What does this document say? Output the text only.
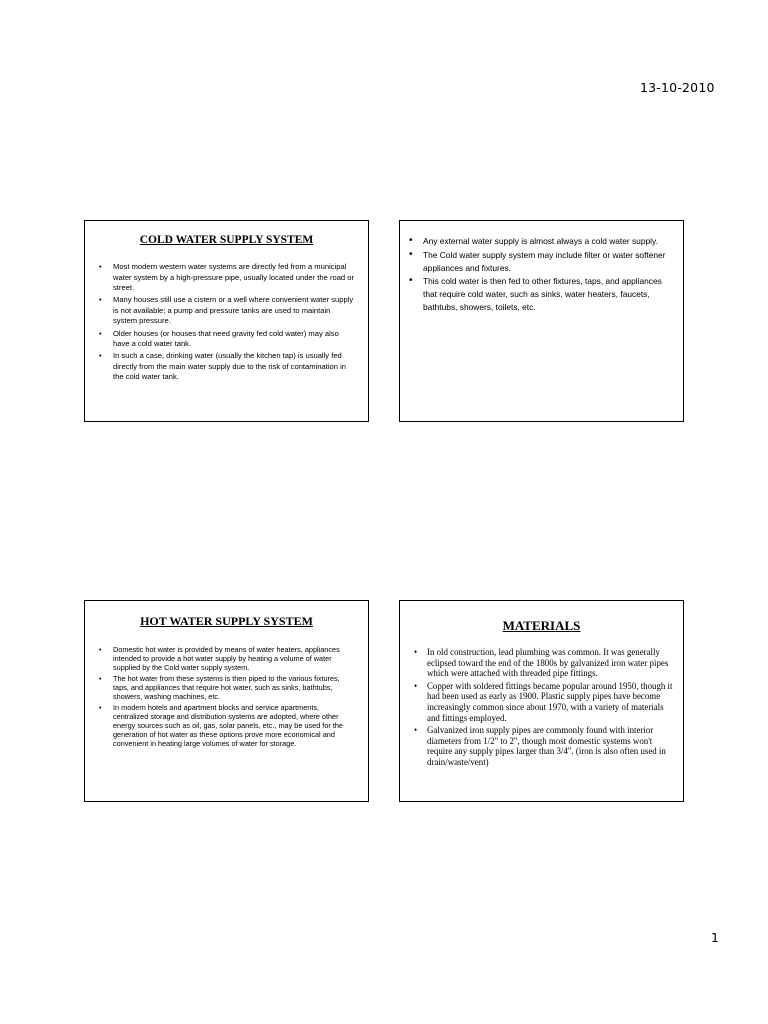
13-10-2010
COLD WATER SUPPLY SYSTEM
• Most modern western water systems are directly fed from a municipal water system by a high-pressure pipe, usually located under the road or street.
• Many houses still use a cistern or a well where convenient water supply is not available; a pump and pressure tanks are used to maintain system pressure.
• Older houses (or houses that need gravity fed cold water) may also have a cold water tank.
• In such a case, drinking water (usually the kitchen tap) is usually fed directly from the main water supply due to the risk of contamination in the cold water tank.
• Any external water supply is almost always a cold water supply.
• The Cold water supply system may include filter or water softener appliances and fixtures.
• This cold water is then fed to other fixtures, taps, and appliances that require cold water, such as sinks, water heaters, faucets, bathtubs, showers, toilets, etc.
HOT WATER SUPPLY SYSTEM
• Domestic hot water is provided by means of water heaters, appliances intended to provide a hot water supply by heating a volume of water supplied by the Cold water supply system.
• The hot water from these systems is then piped to the various fixtures, taps, and appliances that require hot water, such as sinks, bathtubs, showers, washing machines, etc.
• In modern hotels and apartment blocks and service apartments, centralized storage and distribution systems are adopted, where other energy sources such as oil, gas, solar panels, etc., may be used for the generation of hot water as these options prove more economical and convenient in heating large volumes of water for storage.
MATERIALS
• In old construction, lead plumbing was common. It was generally eclipsed toward the end of the 1800s by galvanized iron water pipes which were attached with threaded pipe fittings.
• Copper with soldered fittings became popular around 1950, though it had been used as early as 1900. Plastic supply pipes have become increasingly common since about 1970, with a variety of materials and fittings employed.
• Galvanized iron supply pipes are commonly found with interior diameters from 1/2" to 2", though most domestic systems won't require any supply pipes larger than 3/4". (iron is also often used in drain/waste/vent)
1
